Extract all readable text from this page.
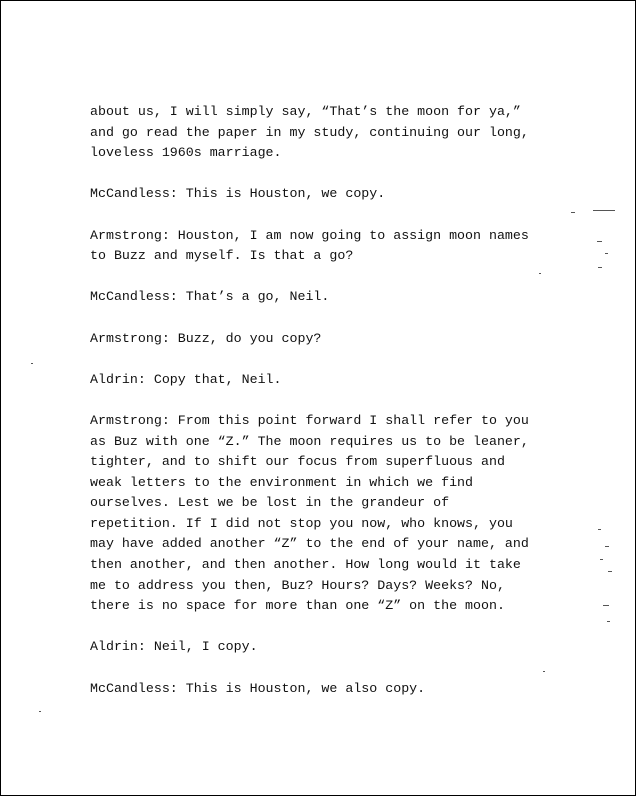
about us, I will simply say, “That’s the moon for ya,”
and go read the paper in my study, continuing our long,
loveless 1960s marriage.

McCandless: This is Houston, we copy.

Armstrong: Houston, I am now going to assign moon names
to Buzz and myself. Is that a go?

McCandless: That’s a go, Neil.

Armstrong: Buzz, do you copy?

Aldrin: Copy that, Neil.

Armstrong: From this point forward I shall refer to you
as Buz with one “Z.” The moon requires us to be leaner,
tighter, and to shift our focus from superfluous and
weak letters to the environment in which we find
ourselves. Lest we be lost in the grandeur of
repetition. If I did not stop you now, who knows, you
may have added another “Z” to the end of your name, and
then another, and then another. How long would it take
me to address you then, Buz? Hours? Days? Weeks? No,
there is no space for more than one “Z” on the moon.

Aldrin: Neil, I copy.

McCandless: This is Houston, we also copy.
